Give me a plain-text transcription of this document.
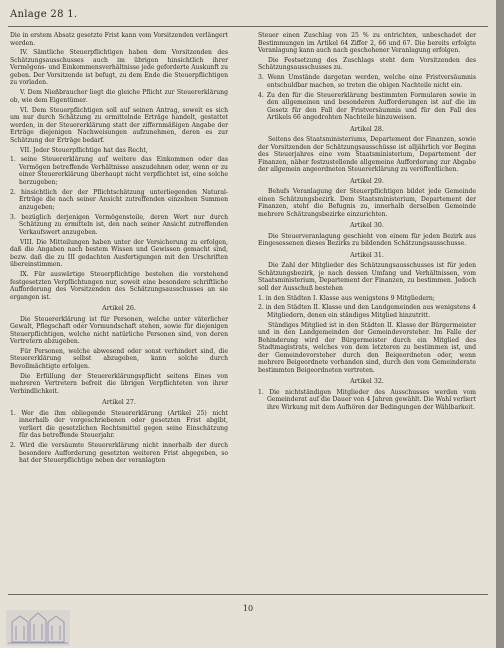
Anlage 28 1.

Die in erstem Absatz gesetzte Frist kann vom Vorsitzenden verlängert werden.

IV. Sämtliche Steuerpflichtigen haben dem Vorsitzenden des Schätzungsausschusses auch im übrigen hinsichtlich ihrer Vermögens- und Einkommensverhältnisse jede geforderte Auskunft zu geben. Der Vorsitzende ist befugt, zu dem Ende die Steuerpflichtigen zu vorladen.

V. Dem Nießbraucher liegt die gleiche Pflicht zur Steuererklärung ob, wie dem Eigentümer.

VI. Dem Steuerpflichtigen soll auf seinen Antrag, soweit es sich um nur durch Schätzung zu ermittelnde Erträge handelt, gestattet werden, in der Steuererklärung statt der ziffernmäßigen Angabe der Erträge diejenigen Nachweisungen aufzunehmen, deren es zur Schätzung der Erträge bedarf.

VII. Jeder Steuerpflichtige hat das Recht,

1. seine Steuererklärung auf weitere das Einkommen oder das Vermögen betreffende Verhältnisse auszudehnen oder, wenn er zu einer Steuererklärung überhaupt nicht verpflichtet ist, eine solche herzugeben;

2. hinsichtlich der der Pflichtschätzung unterliegenden Natural-Erträge die nach seiner Ansicht zutreffenden einzelnen Summen anzugeben;

3. bezüglich derjenigen Vermögensteile, deren Wert nur durch Schätzung zu ermitteln ist, den nach seiner Ansicht zutreffenden Verkaufswert anzugeben.

VIII. Die Mitteilungen haben unter der Versicherung zu erfolgen, daß die Angaben nach bestem Wissen und Gewissen gemacht sind, bezw. daß die zu III gedachten Ausfertigungen mit den Urschriften übereinstimmen.

IX. Für auswärtige Steuerpflichtige bestehen die vorstehend festgesetzten Verpflichtungen nur, soweit eine besondere schriftliche Aufforderung des Vorsitzenden des Schätzungsausschusses an sie ergangen ist.

Artikel 26.

Die Steuererklärung ist für Personen, welche unter väterlicher Gewalt, Pflegschaft oder Vormundschaft stehen, sowie für diejenigen Steuerpflichtigen, welche nicht natürliche Personen sind, von deren Vertretern abzugeben.

Für Personen, welche abwesend oder sonst verhindert sind, die Steuererklärung selbst abzugeben, kann solche durch Bevollmächtigte erfolgen.

Die Erfüllung der Steuererklärungspflicht seitens Eines von mehreren Vertretern befreit die übrigen Verpflichteten von ihrer Verbindlichkeit.

Artikel 27.

1. Wer die ihm obliegende Steuererklärung (Artikel 25) nicht innerhalb der vorgeschriebenen oder gesetzten Frist abgibt, verliert die gesetzlichen Rechtsmittel gegen seine Einschätzung für das betreffende Steuerjahr.

2. Wird die versäumte Steuererklärung nicht innerhalb der durch besondere Aufforderung gesetzten weiteren Frist abgegeben, so hat der Steuerpflichtige neben der veranlagten

Steuer einen Zuschlag von 25 % zu entrichten, unbeschadet der Bestimmungen im Artikel 64 Ziffer 2, 66 und 67. Die bereits erfolgte Veranlagung kann auch nach geschehener Veranlagung erfolgen.

Die Festsetzung des Zuschlags steht dem Vorsitzenden des Schätzungsausschusses zu.

3. Wenn Umstände dargetan werden, welche eine Fristversäumnis entschuldbar machen, so treten die obigen Nachteile nicht ein.

4. Zu den für die Steuererklärung bestimmten Formularen sowie in den allgemeinen und besonderen Aufforderungen ist auf die im Gesetz für den Fall der Fristversäumnis und für den Fall des Artikels 66 angedrohten Nachteile hinzuweisen.

Artikel 28.

Seitens des Staatsministeriums, Departement der Finanzen, sowie der Vorsitzenden der Schätzungsausschüsse ist alljährlich vor Beginn des Steuerjahres eine vom Staatsministerium, Departement der Finanzen, näher festzustellende allgemeine Aufforderung zur Abgabe der allgemein angeordneten Steuererklärung zu veröffentlichen.

Artikel 29.

Behufs Veranlagung der Steuerpflichtigen bildet jede Gemeinde einen Schätzungsbezirk. Dem Staatsministerium, Departement der Finanzen, steht die Befugnis zu, innerhalb derselben Gemeinde mehrere Schätzungsbezirke einzurichten.

Artikel 30.

Die Steuerveranlagung geschieht von einem für jeden Bezirk aus Eingesessenen dieses Bezirks zu bildenden Schätzungsausschusse.

Artikel 31.

Die Zahl der Mitglieder des Schätzungsausschusses ist für jeden Schätzungsbezirk, je nach dessen Umfang und Verhältnissen, vom Staatsministerium, Departement der Finanzen, zu bestimmen. Jedoch soll der Ausschuß bestehen

1. in den Städten I. Klasse aus wenigstens 9 Mitgliedern;

2. in den Städten II. Klasse und den Landgemeinden aus wenigstens 4 Mitgliedern, denen ein ständiges Mitglied hinzutritt.

Ständiges Mitglied ist in den Städten II. Klasse der Bürgermeister und in den Landgemeinden der Gemeindevorsteher. Im Falle der Behinderung wird der Bürgermeister durch ein Mitglied des Stadtmagistrats, welches von dem letzteren zu bestimmen ist, und der Gemeindevorsteher durch den Beigeordneten oder, wenn mehrere Beigeordnete vorhanden sind, durch den vom Gemeinderate bestimmten Beigeordneten vertreten.

Artikel 32.

1. Die nichtständigen Mitglieder des Ausschusses werden vom Gemeinderat auf die Dauer von 4 Jahren gewählt. Die Wahl verliert ihre Wirkung mit dem Aufhören der Bedingungen der Wählbarkeit.

10
